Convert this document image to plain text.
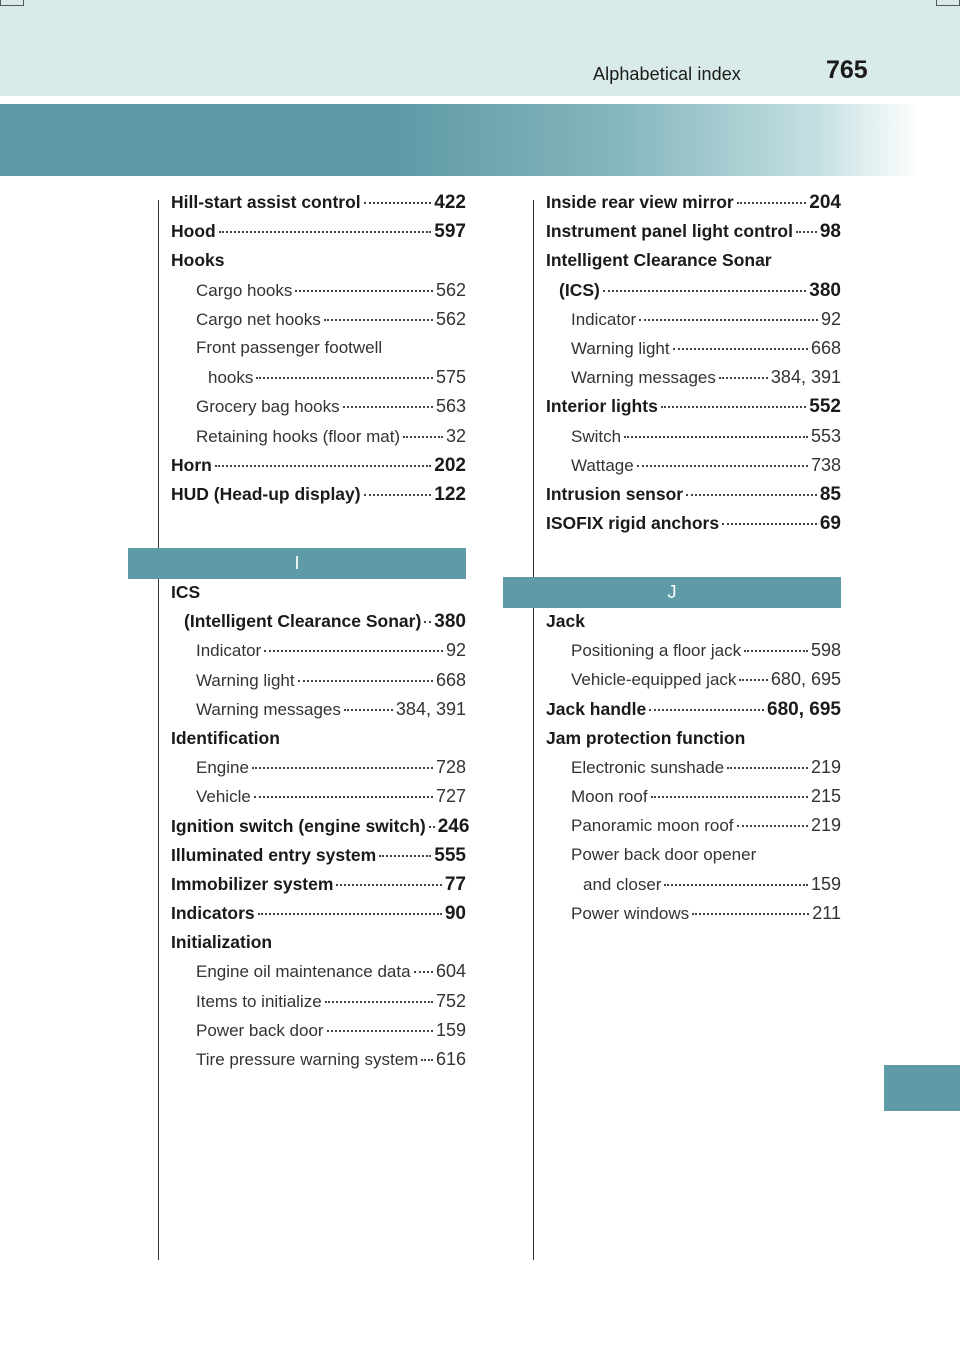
Alphabetical index	765
Hill-start assist control	422
Hood	597
Hooks
Cargo hooks	562
Cargo net hooks	562
Front passenger footwell
hooks	575
Grocery bag hooks	563
Retaining hooks (floor mat)	32
Horn	202
HUD (Head-up display)	122
I
ICS
(Intelligent Clearance Sonar) 380
Indicator	92
Warning light	668
Warning messages	384, 391
Identification
Engine	728
Vehicle	727
Ignition switch (engine switch) 246
Illuminated entry system	555
Immobilizer system	77
Indicators	90
Initialization
Engine oil maintenance data 604
Items to initialize	752
Power back door	159
Tire pressure warning system 616
Inside rear view mirror	204
Instrument panel light control 98
Intelligent Clearance Sonar
(ICS)	380
Indicator	92
Warning light	668
Warning messages	384, 391
Interior lights	552
Switch	553
Wattage	738
Intrusion sensor	85
ISOFIX rigid anchors	69
J
Jack
Positioning a floor jack	598
Vehicle-equipped jack 680, 695
Jack handle	680, 695
Jam protection function
Electronic sunshade	219
Moon roof	215
Panoramic moon roof	219
Power back door opener
and closer	159
Power windows	211
